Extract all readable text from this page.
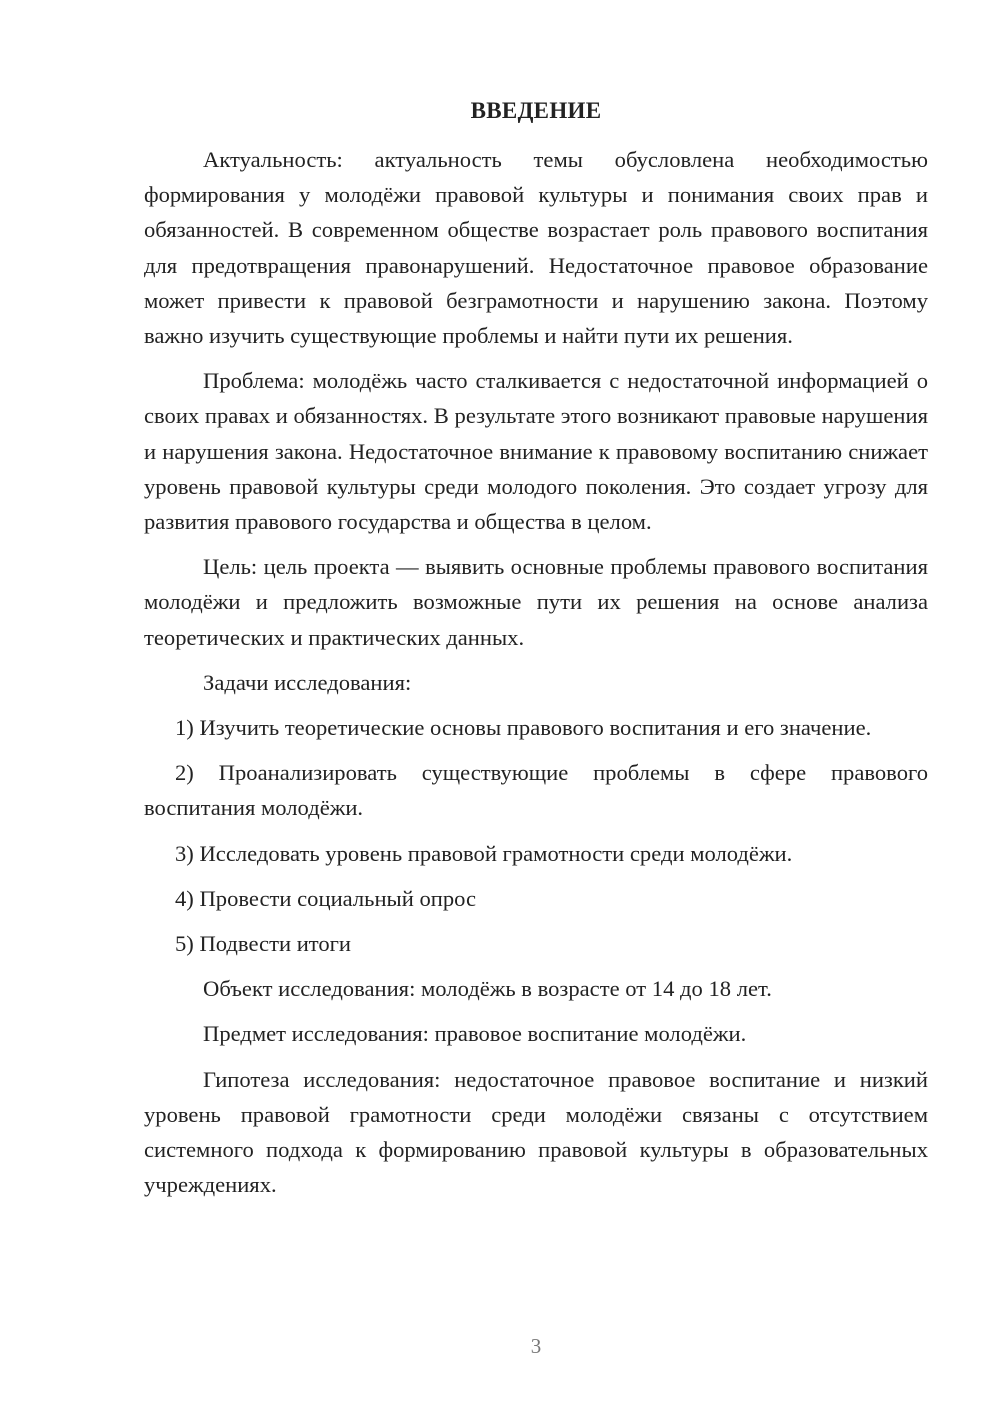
ВВЕДЕНИЕ

Актуальность: актуальность темы обусловлена необходимостью формирования у молодёжи правовой культуры и понимания своих прав и обязанностей. В современном обществе возрастает роль правового воспитания для предотвращения правонарушений. Недостаточное правовое образование может привести к правовой безграмотности и нарушению закона. Поэтому важно изучить существующие проблемы и найти пути их решения.

Проблема: молодёжь часто сталкивается с недостаточной информацией о своих правах и обязанностях. В результате этого возникают правовые нарушения и нарушения закона. Недостаточное внимание к правовому воспитанию снижает уровень правовой культуры среди молодого поколения. Это создает угрозу для развития правового государства и общества в целом.

Цель: цель проекта — выявить основные проблемы правового воспитания молодёжи и предложить возможные пути их решения на основе анализа теоретических и практических данных.

Задачи исследования:

1) Изучить теоретические основы правового воспитания и его значение.

2) Проанализировать существующие проблемы в сфере правового воспитания молодёжи.

3) Исследовать уровень правовой грамотности среди молодёжи.

4) Провести социальный опрос

5) Подвести итоги

Объект исследования: молодёжь в возрасте от 14 до 18 лет.

Предмет исследования: правовое воспитание молодёжи.

Гипотеза исследования: недостаточное правовое воспитание и низкий уровень правовой грамотности среди молодёжи связаны с отсутствием системного подхода к формированию правовой культуры в образовательных учреждениях.

3
